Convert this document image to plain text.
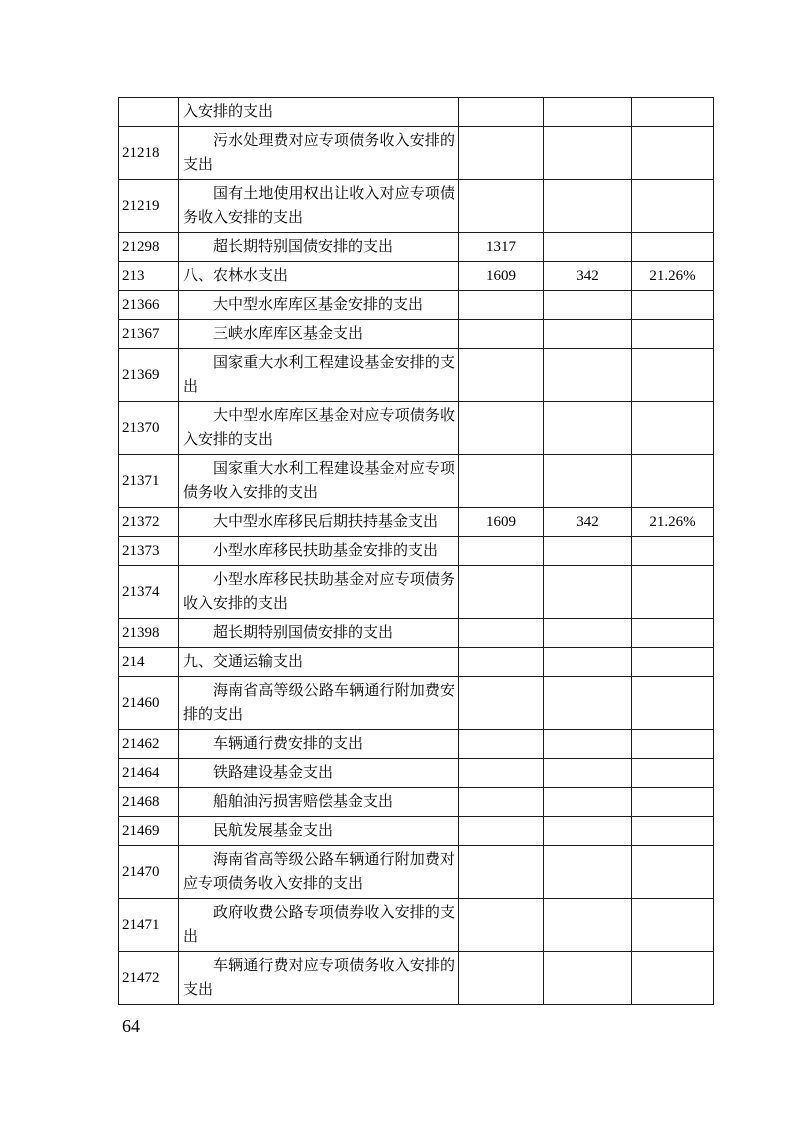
	入安排的支出			
21218	污水处理费对应专项债务收入安排的支出			
21219	国有土地使用权出让收入对应专项债务收入安排的支出			
21298	超长期特别国债安排的支出	1317		
213	八、农林水支出	1609	342	21.26%
21366	大中型水库库区基金安排的支出			
21367	三峡水库库区基金支出			
21369	国家重大水利工程建设基金安排的支出			
21370	大中型水库库区基金对应专项债务收入安排的支出			
21371	国家重大水利工程建设基金对应专项债务收入安排的支出			
21372	大中型水库移民后期扶持基金支出	1609	342	21.26%
21373	小型水库移民扶助基金安排的支出			
21374	小型水库移民扶助基金对应专项债务收入安排的支出			
21398	超长期特别国债安排的支出			
214	九、交通运输支出			
21460	海南省高等级公路车辆通行附加费安排的支出			
21462	车辆通行费安排的支出			
21464	铁路建设基金支出			
21468	船舶油污损害赔偿基金支出			
21469	民航发展基金支出			
21470	海南省高等级公路车辆通行附加费对应专项债务收入安排的支出			
21471	政府收费公路专项债券收入安排的支出			
21472	车辆通行费对应专项债务收入安排的支出			
64
